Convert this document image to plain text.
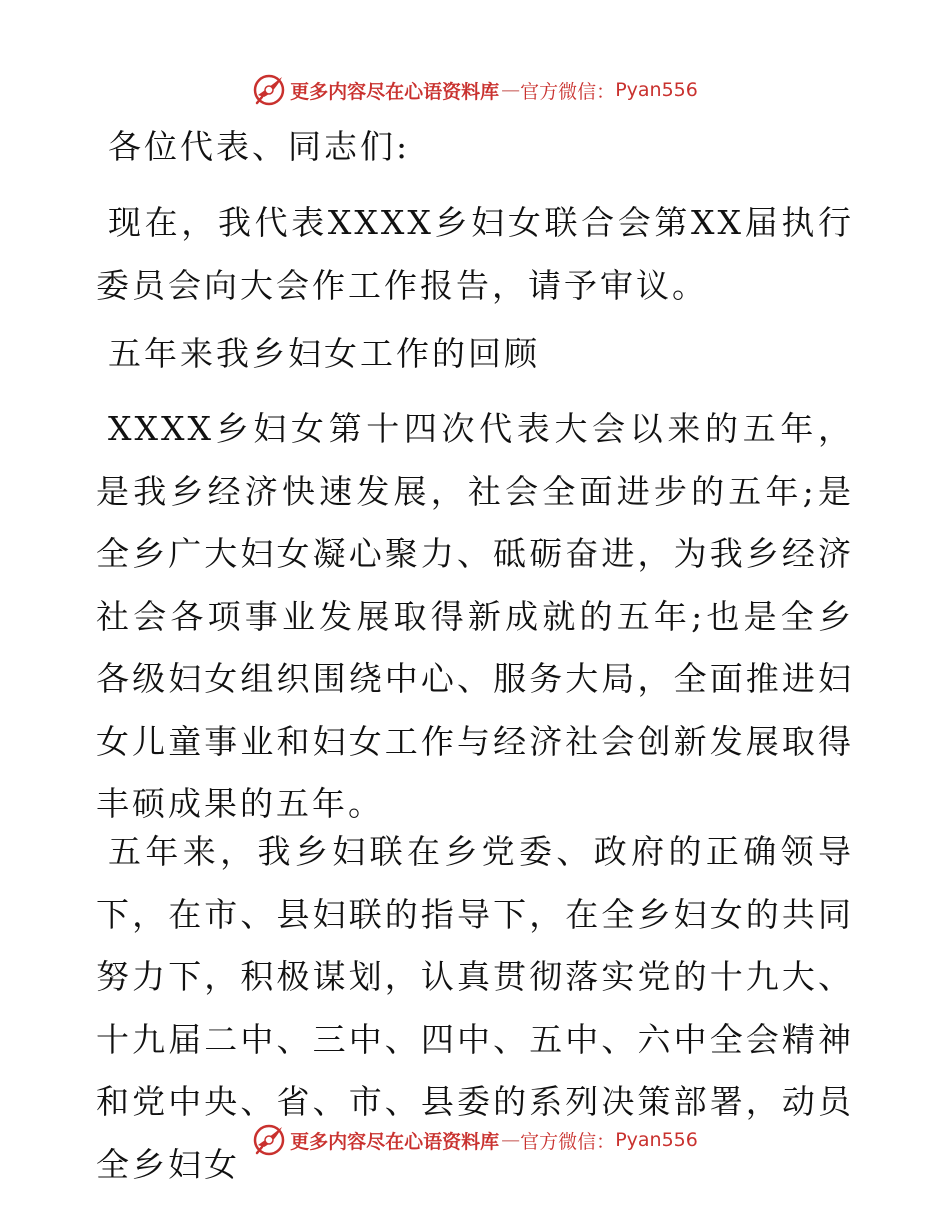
更多内容尽在心语资料库 — 官方微信： Pyan556

各位代表、同志们:

现在，我代表XXXX乡妇女联合会第XX届执行委员会向大会作工作报告，请予审议。

五年来我乡妇女工作的回顾

XXXX乡妇女第十四次代表大会以来的五年，是我乡经济快速发展，社会全面进步的五年;是全乡广大妇女凝心聚力、砥砺奋进，为我乡经济社会各项事业发展取得新成就的五年;也是全乡各级妇女组织围绕中心、服务大局，全面推进妇女儿童事业和妇女工作与经济社会创新发展取得丰硕成果的五年。

五年来，我乡妇联在乡党委、政府的正确领导下，在市、县妇联的指导下，在全乡妇女的共同努力下，积极谋划，认真贯彻落实党的十九大、十九届二中、三中、四中、五中、六中全会精神和党中央、省、市、县委的系列决策部署，动员全乡妇女

更多内容尽在心语资料库 — 官方微信： Pyan556
